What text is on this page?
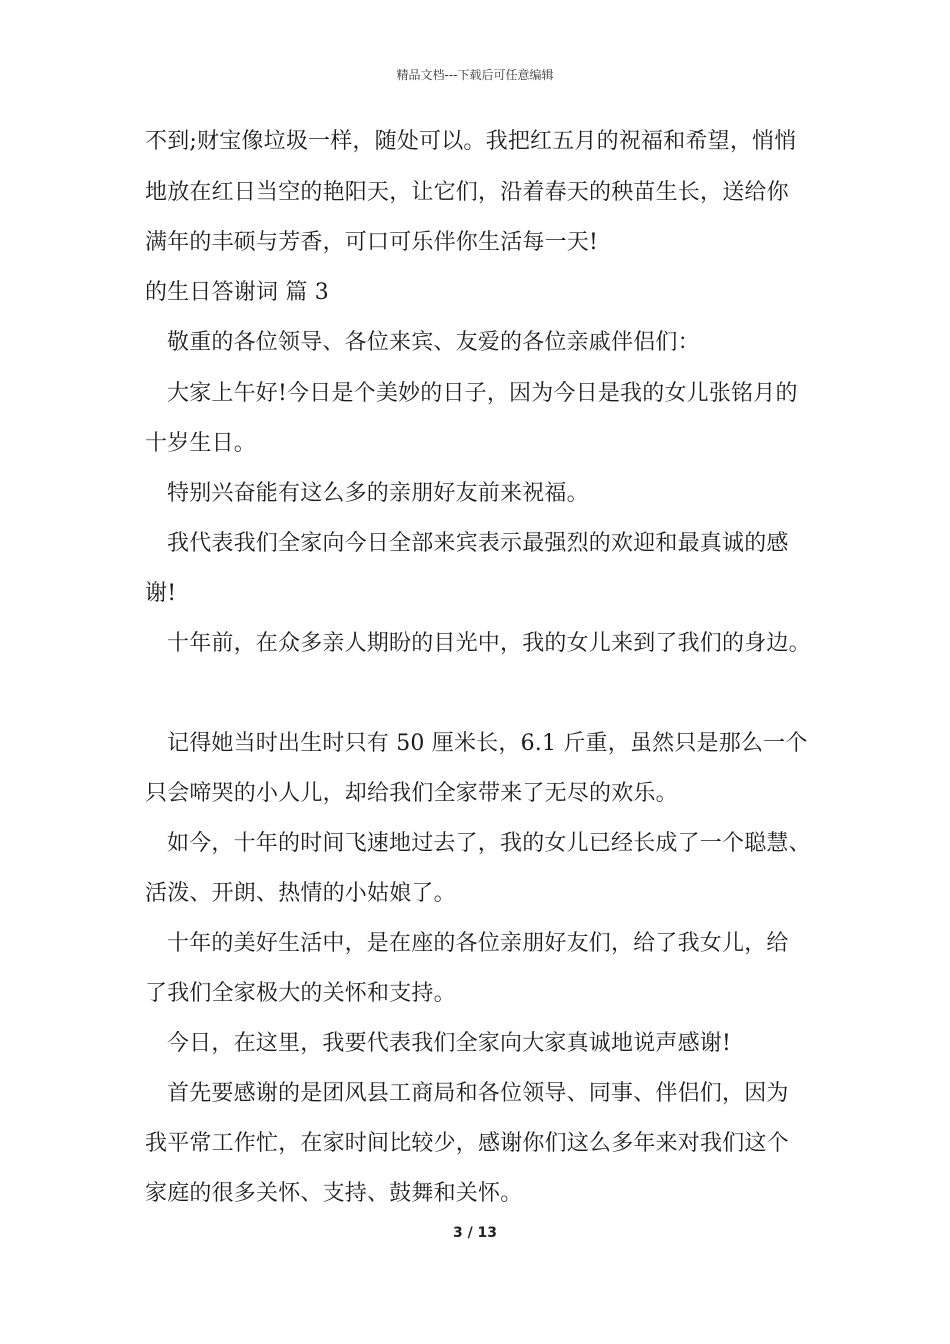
精品文档---下载后可任意编辑
不到;财宝像垃圾一样，随处可以。我把红五月的祝福和希望，悄悄
地放在红日当空的艳阳天，让它们，沿着春天的秧苗生长，送给你
满年的丰硕与芳香，可口可乐伴你生活每一天!
的生日答谢词 篇 3
敬重的各位领导、各位来宾、友爱的各位亲戚伴侣们：
大家上午好!今日是个美妙的日子，因为今日是我的女儿张铭月的
十岁生日。
特别兴奋能有这么多的亲朋好友前来祝福。
我代表我们全家向今日全部来宾表示最强烈的欢迎和最真诚的感
谢!
十年前，在众多亲人期盼的目光中，我的女儿来到了我们的身边。
记得她当时出生时只有 50 厘米长，6.1 斤重，虽然只是那么一个
只会啼哭的小人儿，却给我们全家带来了无尽的欢乐。
如今，十年的时间飞速地过去了，我的女儿已经长成了一个聪慧、
活泼、开朗、热情的小姑娘了。
十年的美好生活中，是在座的各位亲朋好友们，给了我女儿，给
了我们全家极大的关怀和支持。
今日，在这里，我要代表我们全家向大家真诚地说声感谢!
首先要感谢的是团风县工商局和各位领导、同事、伴侣们，因为
我平常工作忙，在家时间比较少，感谢你们这么多年来对我们这个
家庭的很多关怀、支持、鼓舞和关怀。
3 / 13
